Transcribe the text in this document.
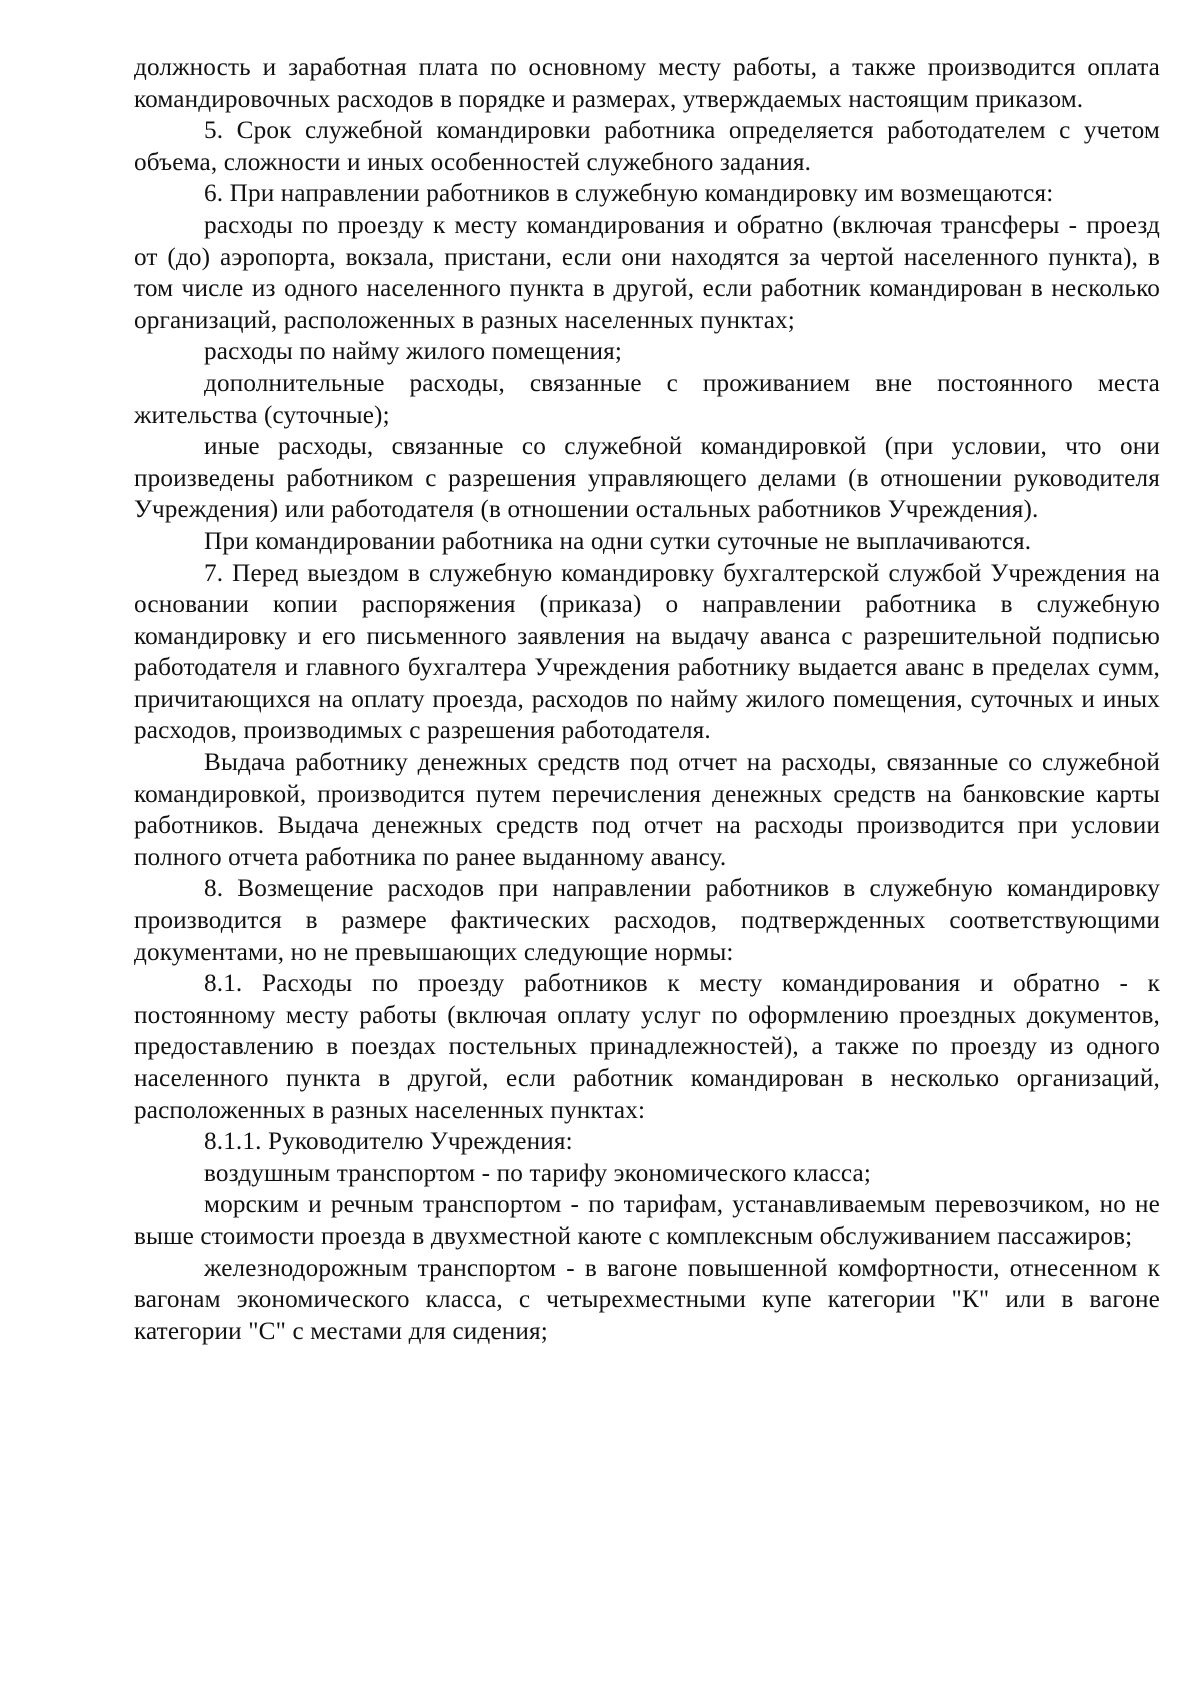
должность и заработная плата по основному месту работы, а также производится оплата командировочных расходов в порядке и размерах, утверждаемых настоящим приказом.

5. Срок служебной командировки работника определяется работодателем с учетом объема, сложности и иных особенностей служебного задания.

6. При направлении работников в служебную командировку им возмещаются:

расходы по проезду к месту командирования и обратно (включая трансферы - проезд от (до) аэропорта, вокзала, пристани, если они находятся за чертой населенного пункта), в том числе из одного населенного пункта в другой, если работник командирован в несколько организаций, расположенных в разных населенных пунктах;

расходы по найму жилого помещения;

дополнительные расходы, связанные с проживанием вне постоянного места жительства (суточные);

иные расходы, связанные со служебной командировкой (при условии, что они произведены работником с разрешения управляющего делами (в отношении руководителя Учреждения) или работодателя (в отношении остальных работников Учреждения).

При командировании работника на одни сутки суточные не выплачиваются.

7. Перед выездом в служебную командировку бухгалтерской службой Учреждения на основании копии распоряжения (приказа) о направлении работника в служебную командировку и его письменного заявления на выдачу аванса с разрешительной подписью работодателя и главного бухгалтера Учреждения работнику выдается аванс в пределах сумм, причитающихся на оплату проезда, расходов по найму жилого помещения, суточных и иных расходов, производимых с разрешения работодателя.

Выдача работнику денежных средств под отчет на расходы, связанные со служебной командировкой, производится путем перечисления денежных средств на банковские карты работников. Выдача денежных средств под отчет на расходы производится при условии полного отчета работника по ранее выданному авансу.

8. Возмещение расходов при направлении работников в служебную командировку производится в размере фактических расходов, подтвержденных соответствующими документами, но не превышающих следующие нормы:

8.1. Расходы по проезду работников к месту командирования и обратно - к постоянному месту работы (включая оплату услуг по оформлению проездных документов, предоставлению в поездах постельных принадлежностей), а также по проезду из одного населенного пункта в другой, если работник командирован в несколько организаций, расположенных в разных населенных пунктах:

8.1.1. Руководителю Учреждения:

воздушным транспортом - по тарифу экономического класса;

морским и речным транспортом - по тарифам, устанавливаемым перевозчиком, но не выше стоимости проезда в двухместной каюте с комплексным обслуживанием пассажиров;

железнодорожным транспортом - в вагоне повышенной комфортности, отнесенном к вагонам экономического класса, с четырехместными купе категории "К" или в вагоне категории "С" с местами для сидения;
